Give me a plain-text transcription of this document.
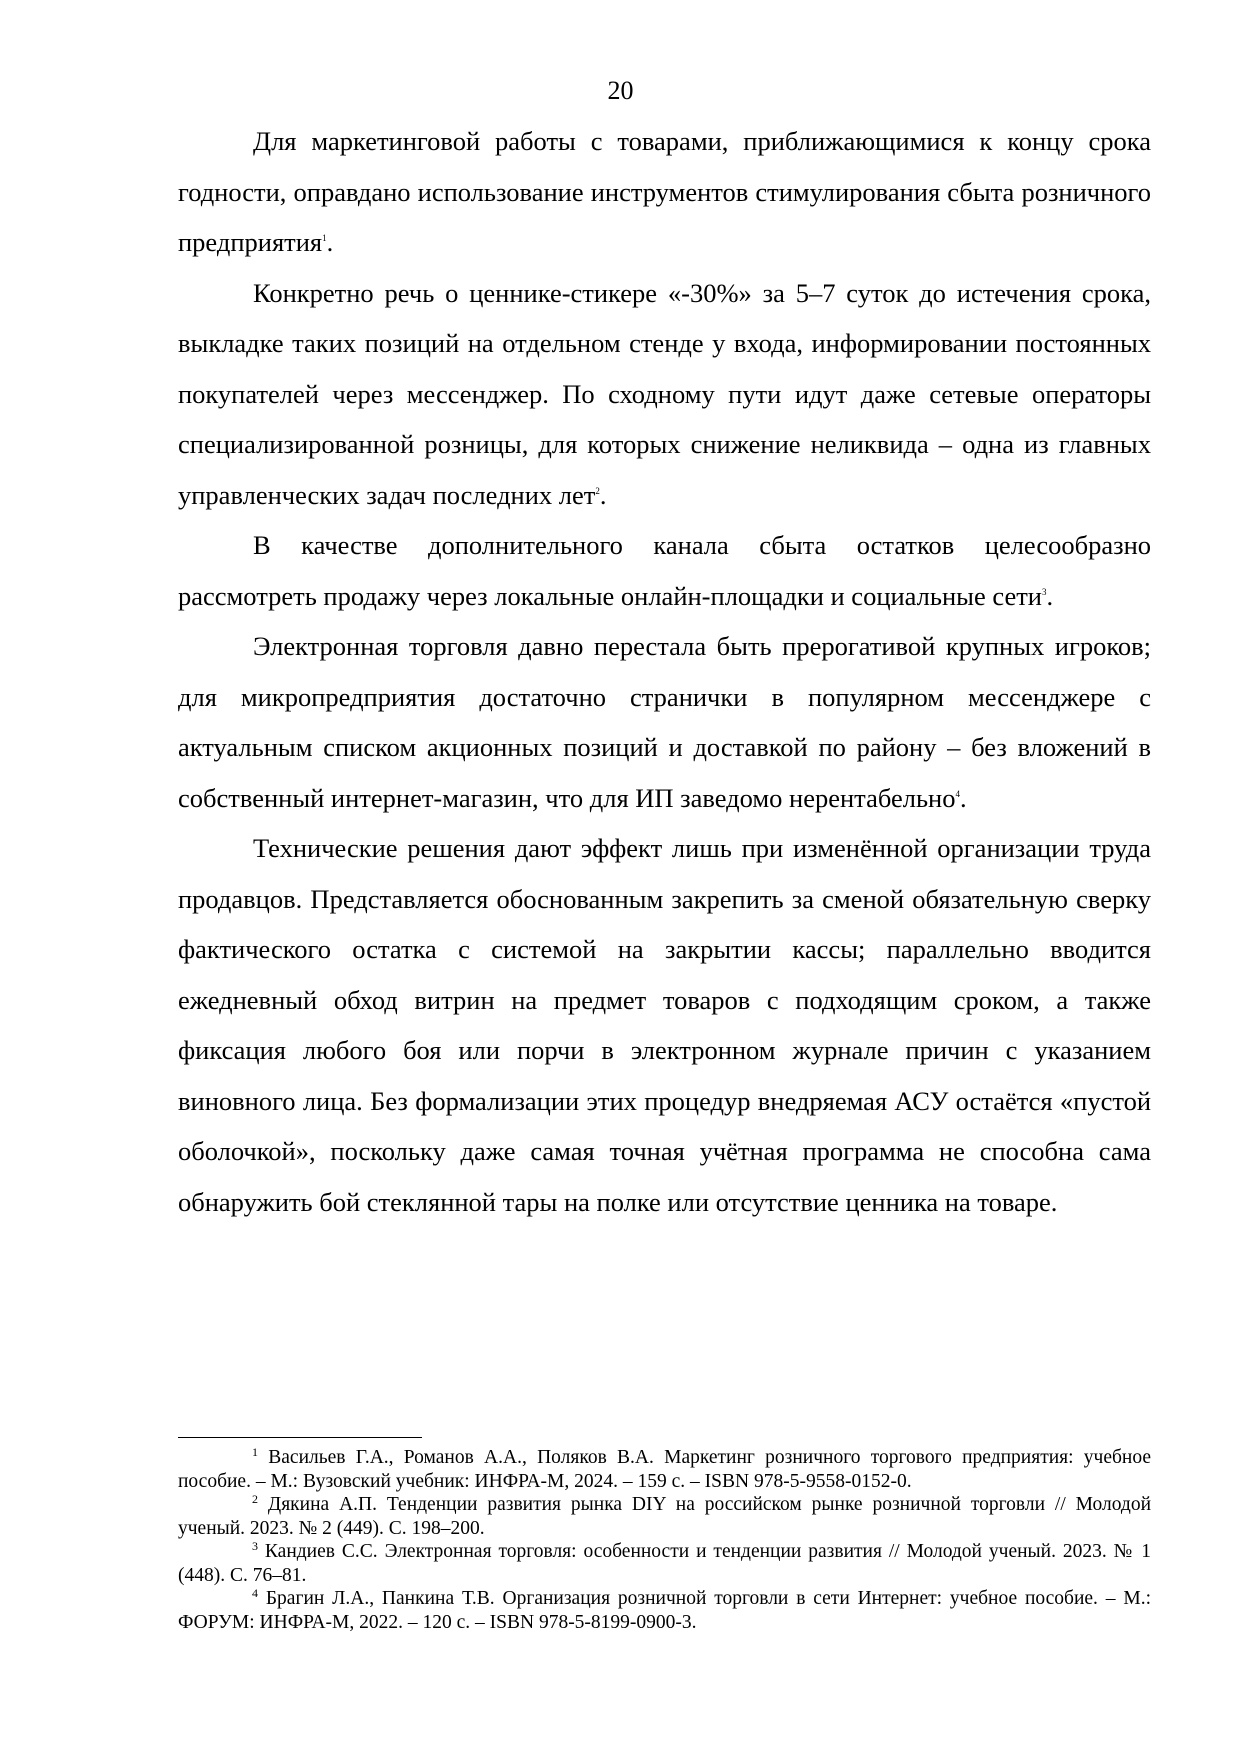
20

Для маркетинговой работы с товарами, приближающимися к концу срока годности, оправдано использование инструментов стимулирования сбыта розничного предприятия$^1$.

Конкретно речь о ценнике-стикере «-30%» за 5–7 суток до истечения срока, выкладке таких позиций на отдельном стенде у входа, информировании постоянных покупателей через мессенджер. По сходному пути идут даже сетевые операторы специализированной розницы, для которых снижение неликвида – одна из главных управленческих задач последних лет$^2$.

В качестве дополнительного канала сбыта остатков целесообразно рассмотреть продажу через локальные онлайн-площадки и социальные сети$^3$.

Электронная торговля давно перестала быть прерогативой крупных игроков; для микропредприятия достаточно странички в популярном мессенджере с актуальным списком акционных позиций и доставкой по району – без вложений в собственный интернет-магазин, что для ИП заведомо нерентабельно$^4$.

Технические решения дают эффект лишь при изменённой организации труда продавцов. Представляется обоснованным закрепить за сменой обязательную сверку фактического остатка с системой на закрытии кассы; параллельно вводится ежедневный обход витрин на предмет товаров с подходящим сроком, а также фиксация любого боя или порчи в электронном журнале причин с указанием виновного лица. Без формализации этих процедур внедряемая АСУ остаётся «пустой оболочкой», поскольку даже самая точная учётная программа не способна сама обнаружить бой стеклянной тары на полке или отсутствие ценника на товаре.

$^1$ Васильев Г.А., Романов А.А., Поляков В.А. Маркетинг розничного торгового предприятия: учебное пособие. – М.: Вузовский учебник: ИНФРА-М, 2024. – 159 с. – ISBN 978-5-9558-0152-0.

$^2$ Дякина А.П. Тенденции развития рынка DIY на российском рынке розничной торговли // Молодой ученый. 2023. № 2 (449). С. 198–200.

$^3$ Кандиев С.С. Электронная торговля: особенности и тенденции развития // Молодой ученый. 2023. № 1 (448). С. 76–81.

$^4$ Брагин Л.А., Панкина Т.В. Организация розничной торговли в сети Интернет: учебное пособие. – М.: ФОРУМ: ИНФРА-М, 2022. – 120 с. – ISBN 978-5-8199-0900-3.
